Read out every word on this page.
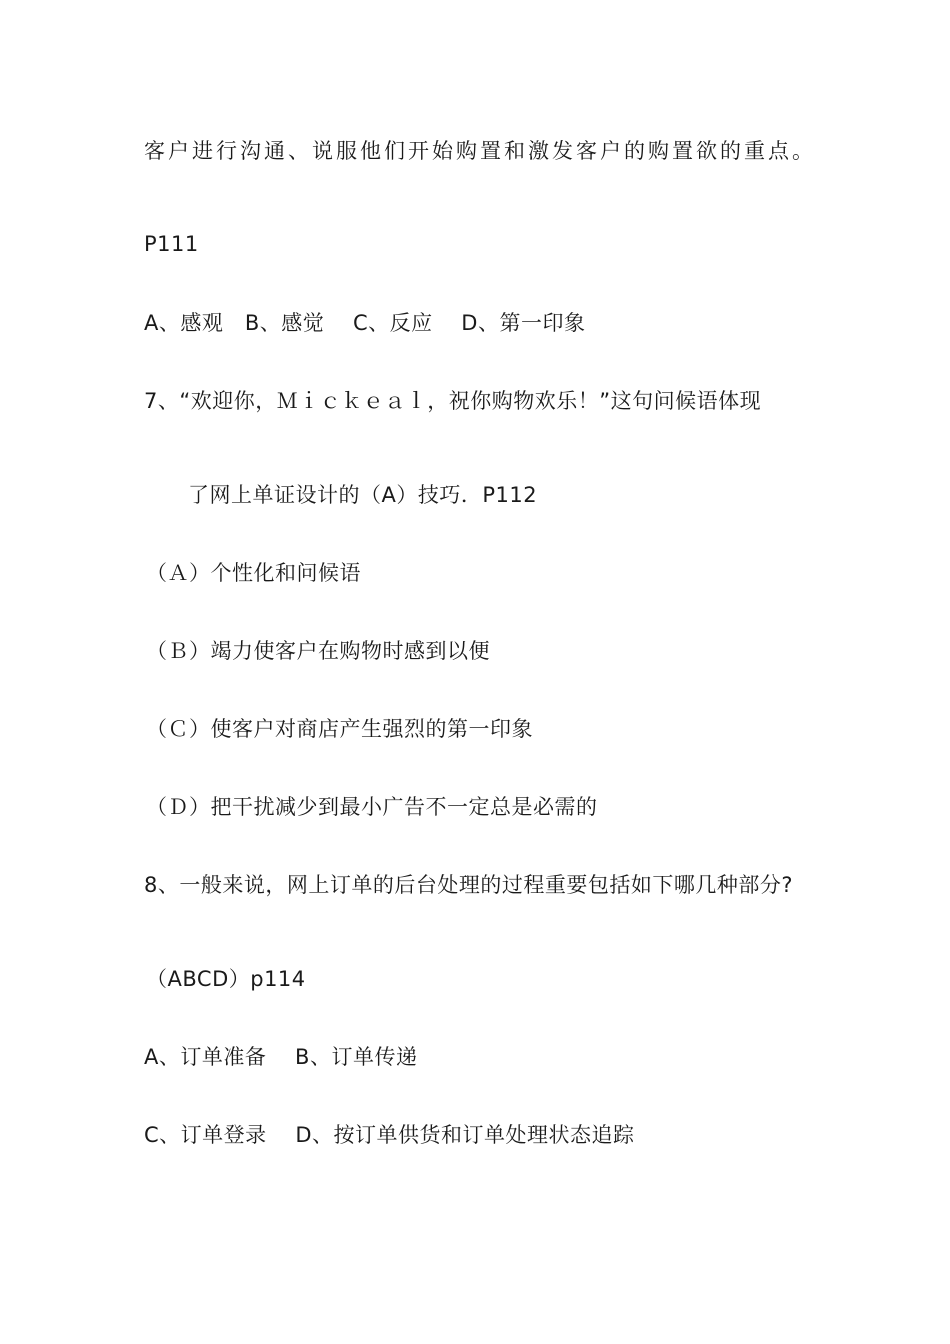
客户进行沟通、说服他们开始购置和激发客户的购置欲的重点。
P111
A、感观　B、感觉　 C、反应　 D、第一印象
7、“欢迎你，Ｍｉｃｋｅａｌ，祝你购物欢乐！”这句问候语体现
了网上单证设计的（A）技巧．P112
（Ａ）个性化和问候语
（Ｂ）竭力使客户在购物时感到以便
（Ｃ）使客户对商店产生强烈的第一印象
（Ｄ）把干扰减少到最小广告不一定总是必需的
8、一般来说，网上订单的后台处理的过程重要包括如下哪几种部分?
（ABCD）p114
A、订单准备　 B、订单传递
C、订单登录　 D、按订单供货和订单处理状态追踪
